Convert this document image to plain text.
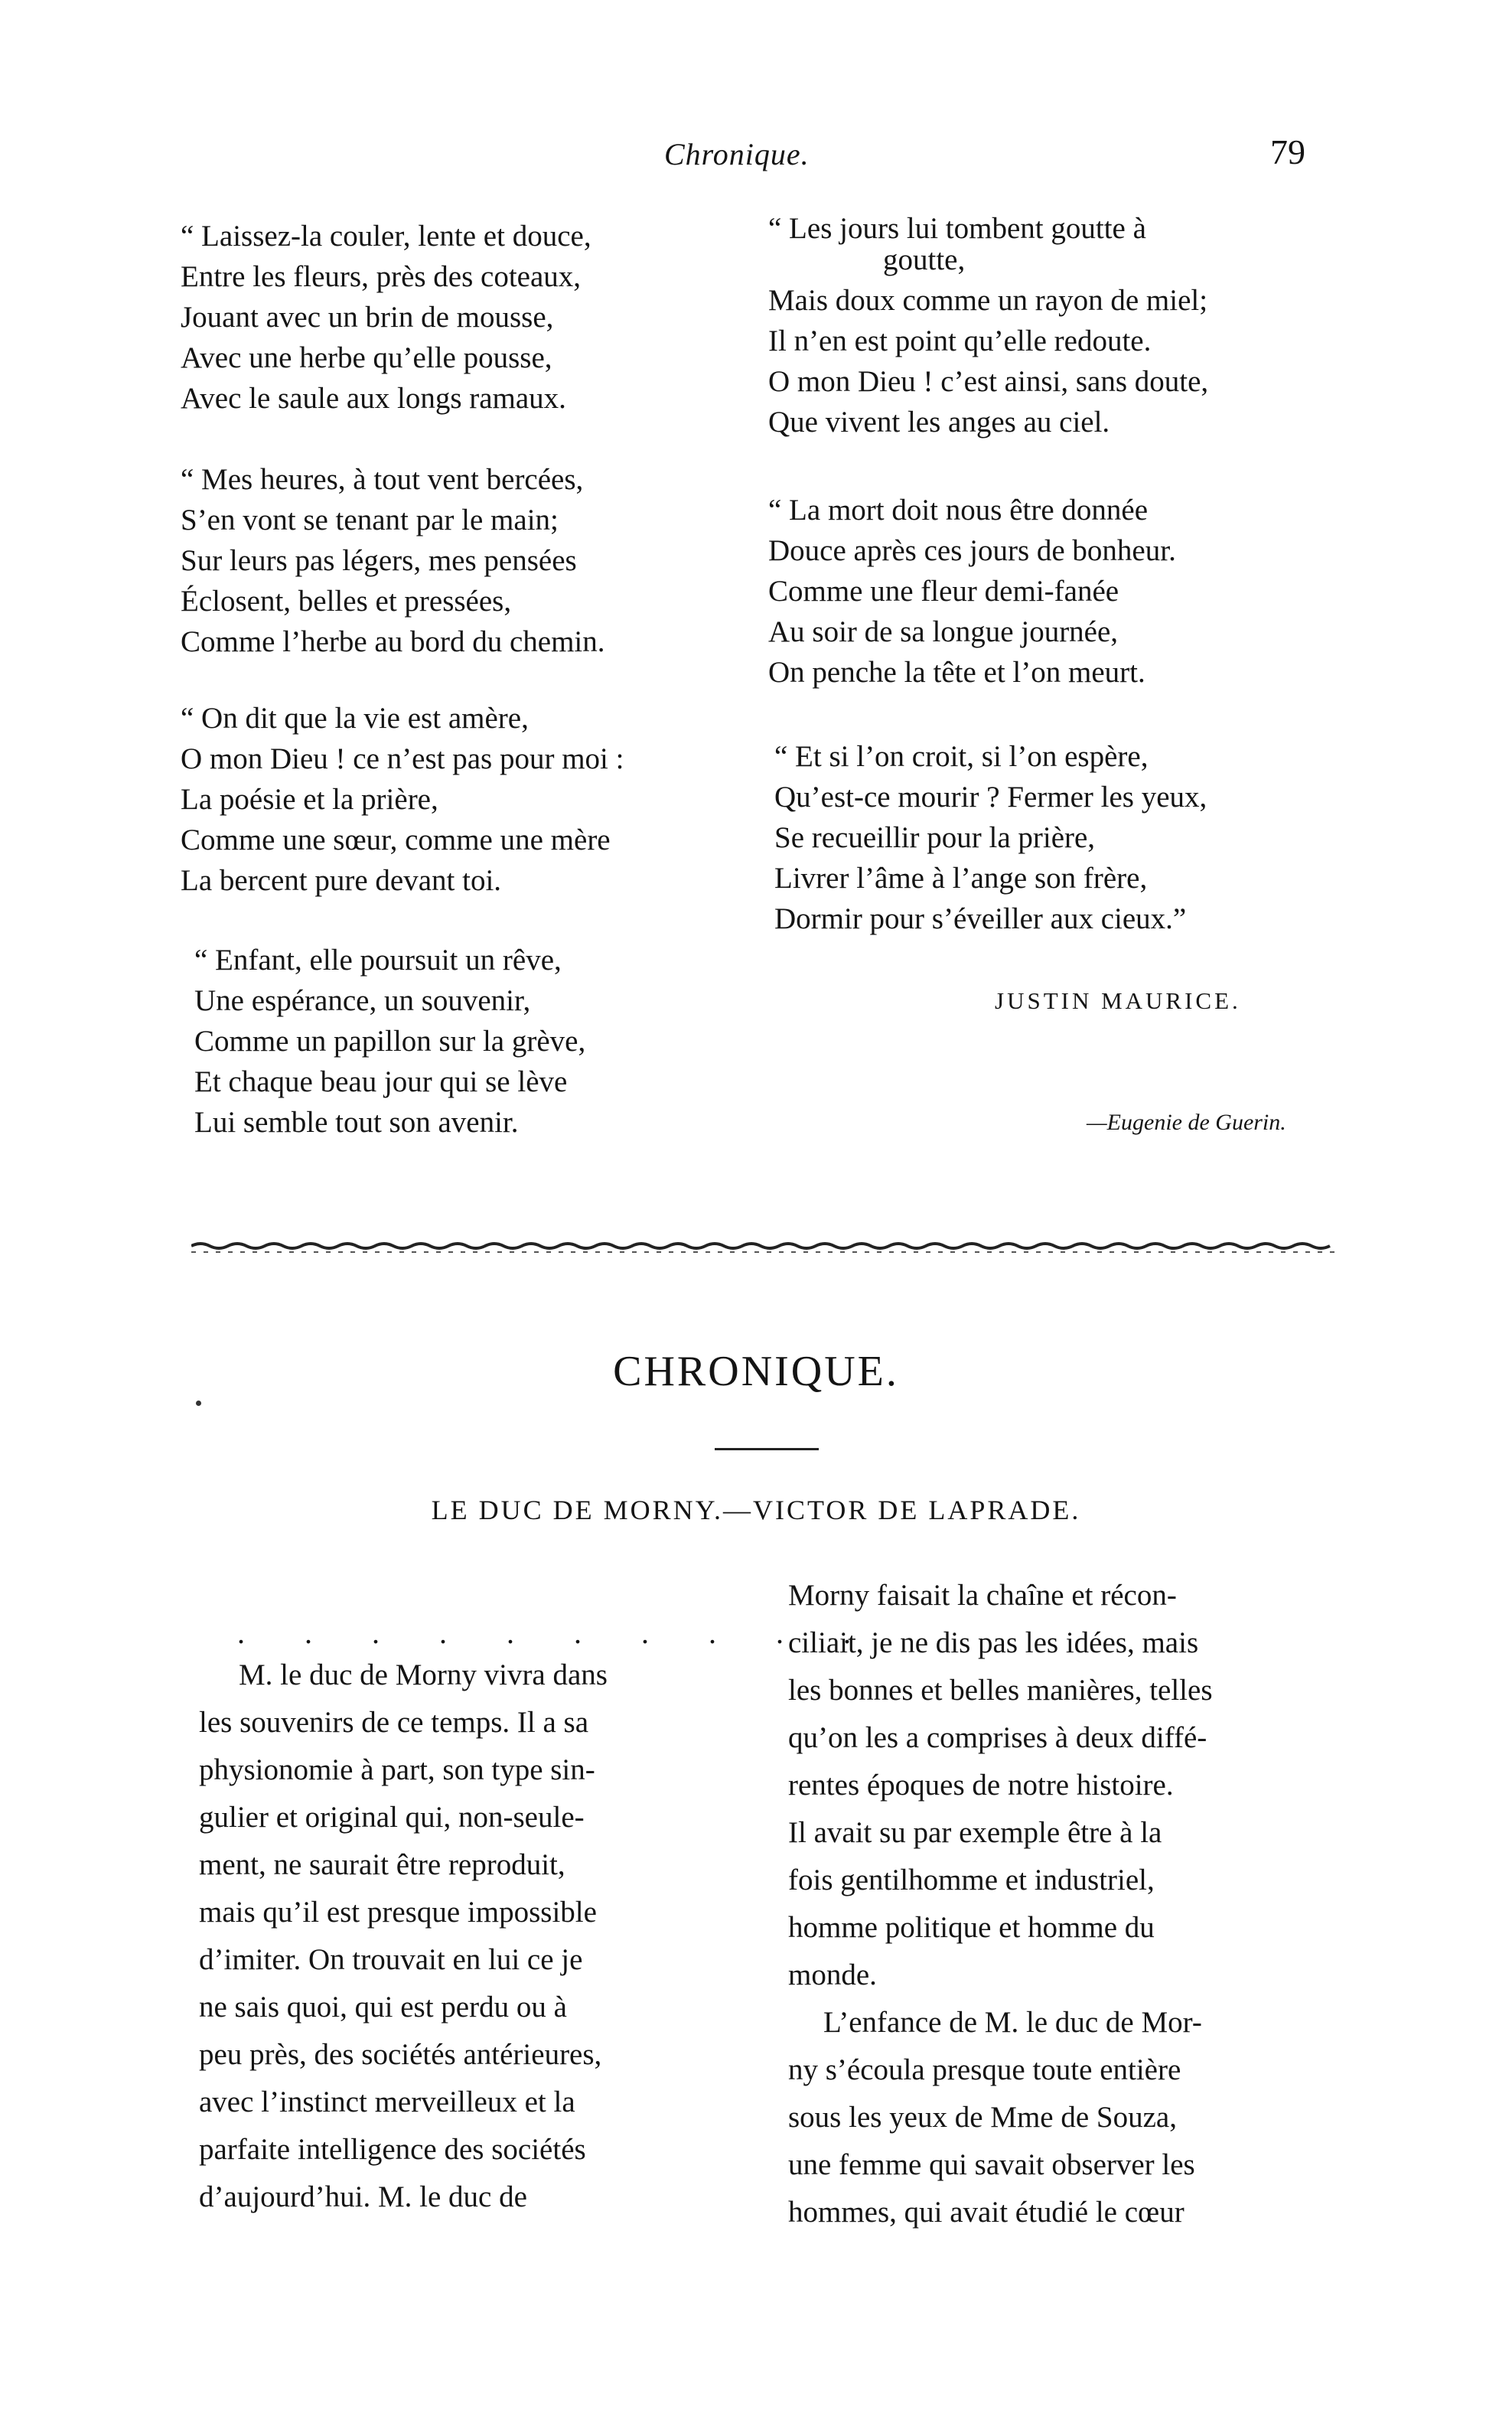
Chronique.	79
“ Laissez-la couler, lente et douce,
Entre les fleurs, près des coteaux,
Jouant avec un brin de mousse,
Avec une herbe qu’elle pousse,
Avec le saule aux longs ramaux.
“ Mes heures, à tout vent bercées,
S’en vont se tenant par le main;
Sur leurs pas légers, mes pensées
Éclosent, belles et pressées,
Comme l’herbe au bord du chemin.
“ On dit que la vie est amère,
O mon Dieu ! ce n’est pas pour moi :
La poésie et la prière,
Comme une sœur, comme une mère
La bercent pure devant toi.
“ Enfant, elle poursuit un rêve,
Une espérance, un souvenir,
Comme un papillon sur la grève,
Et chaque beau jour qui se lève
Lui semble tout son avenir.
“ Les jours lui tombent goutte à
goutte,
Mais doux comme un rayon de miel;
Il n’en est point qu’elle redoute.
O mon Dieu ! c’est ainsi, sans doute,
Que vivent les anges au ciel.
“ La mort doit nous être donnée
Douce après ces jours de bonheur.
Comme une fleur demi-fanée
Au soir de sa longue journée,
On penche la tête et l’on meurt.
“ Et si l’on croit, si l’on espère,
Qu’est-ce mourir ? Fermer les yeux,
Se recueillir pour la prière,
Livrer l’âme à l’ange son frère,
Dormir pour s’éveiller aux cieux.”
JUSTIN MAURICE.
—Eugenie de Guerin.
CHRONIQUE.
LE DUC DE MORNY.—VICTOR DE LAPRADE.
. . . . . . . . . .
M. le duc de Morny vivra dans
les souvenirs de ce temps. Il a sa
physionomie à part, son type sin-
gulier et original qui, non-seule-
ment, ne saurait être reproduit,
mais qu’il est presque impossible
d’imiter. On trouvait en lui ce je
ne sais quoi, qui est perdu ou à
peu près, des sociétés antérieures,
avec l’instinct merveilleux et la
parfaite intelligence des sociétés
d’aujourd’hui. M. le duc de
Morny faisait la chaîne et récon-
ciliait, je ne dis pas les idées, mais
les bonnes et belles manières, telles
qu’on les a comprises à deux diffé-
rentes époques de notre histoire.
Il avait su par exemple être à la
fois gentilhomme et industriel,
homme politique et homme du
monde.
L’enfance de M. le duc de Mor-
ny s’écoula presque toute entière
sous les yeux de Mme de Souza,
une femme qui savait observer les
hommes, qui avait étudié le cœur
